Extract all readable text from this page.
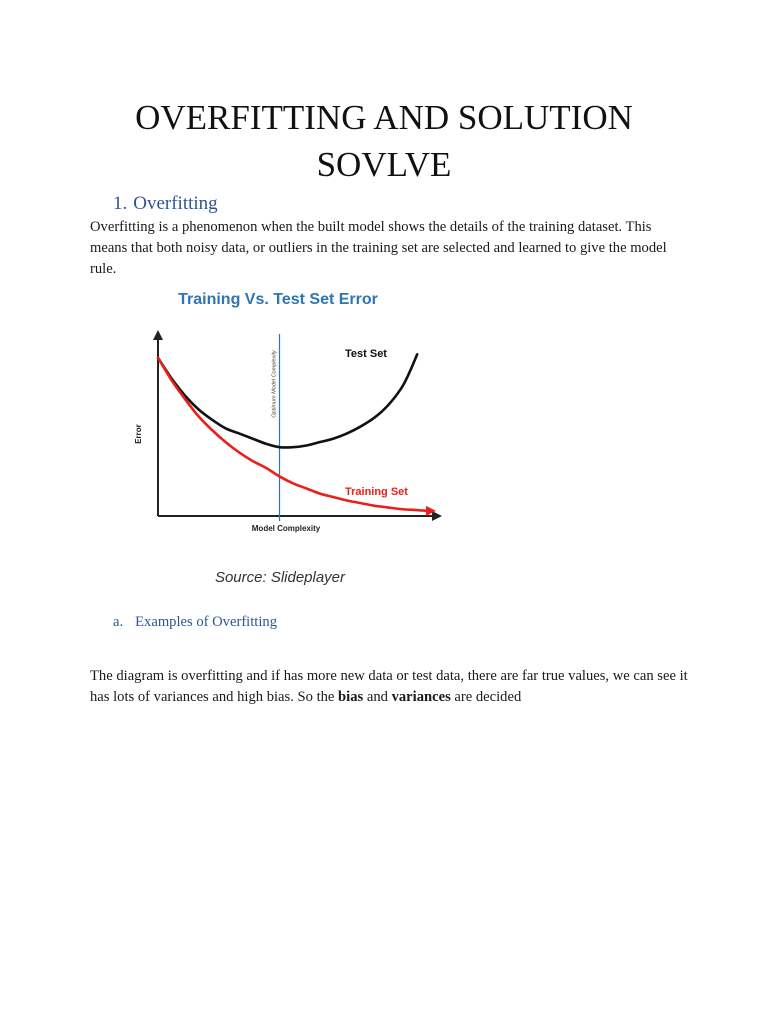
OVERFITTING AND SOLUTION
SOVLVE
1. Overfitting

Overfitting is a phenomenon when the built model shows the details of the training dataset. This means that both noisy data, or outliers in the training set are selected and learned to give the model rule.

Training Vs. Test Set Error
Optimum Model Complexity	Test Set
Training Set
Error
Model Complexity
Source: Slideplayer

a. Examples of Overfitting

The diagram is overfitting and if has more new data or test data, there are far true values, we can see it has lots of variances and high bias. So the bias and variances are decided
